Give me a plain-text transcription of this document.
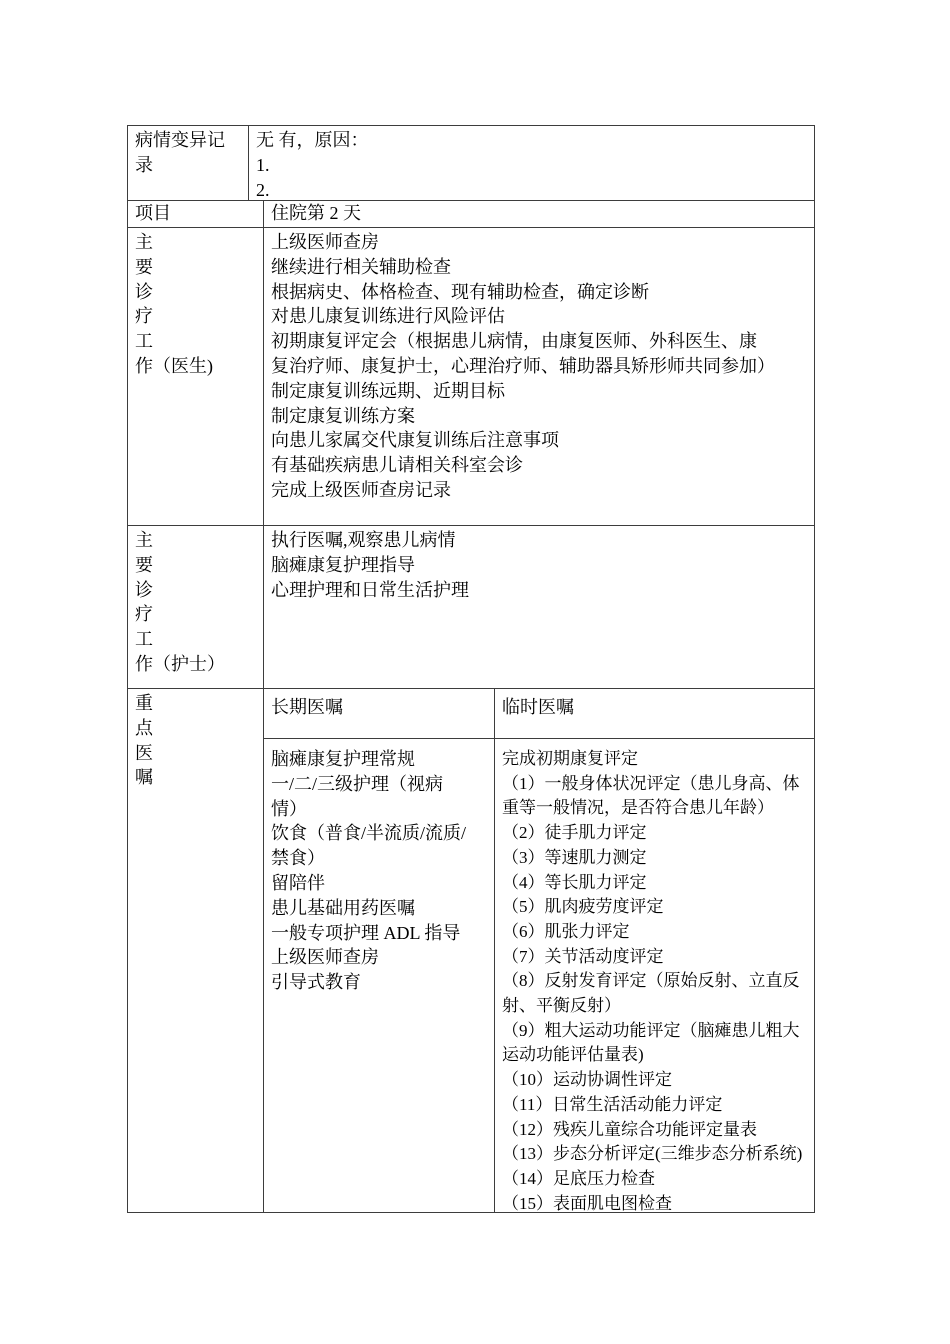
病情变异记
录
无 有，原因：
1.
2.
项目	住院第 2 天
主
要
诊
疗
工
作（医生)
上级医师查房
继续进行相关辅助检查
根据病史、体格检查、现有辅助检查，确定诊断
对患儿康复训练进行风险评估
初期康复评定会（根据患儿病情，由康复医师、外科医生、康复治疗师、康复护士，心理治疗师、辅助器具矫形师共同参加）
制定康复训练远期、近期目标
制定康复训练方案
向患儿家属交代康复训练后注意事项
有基础疾病患儿请相关科室会诊
完成上级医师查房记录
主
要
诊
疗
工
作（护士）
执行医嘱,观察患儿病情
脑瘫康复护理指导
心理护理和日常生活护理
重
点
医
嘱
长期医嘱	临时医嘱
脑瘫康复护理常规
一/二/三级护理（视病情）
饮食（普食/半流质/流质/禁食）
留陪伴
患儿基础用药医嘱
一般专项护理 ADL 指导
上级医师查房
引导式教育
完成初期康复评定
（1）一般身体状况评定（患儿身高、体重等一般情况，是否符合患儿年龄）
（2）徒手肌力评定
（3）等速肌力测定
（4）等长肌力评定
（5）肌肉疲劳度评定
（6）肌张力评定
（7）关节活动度评定
（8）反射发育评定（原始反射、立直反射、平衡反射）
（9）粗大运动功能评定（脑瘫患儿粗大运动功能评估量表)
（10）运动协调性评定
（11）日常生活活动能力评定
（12）残疾儿童综合功能评定量表
（13）步态分析评定(三维步态分析系统)
（14）足底压力检查
（15）表面肌电图检查
